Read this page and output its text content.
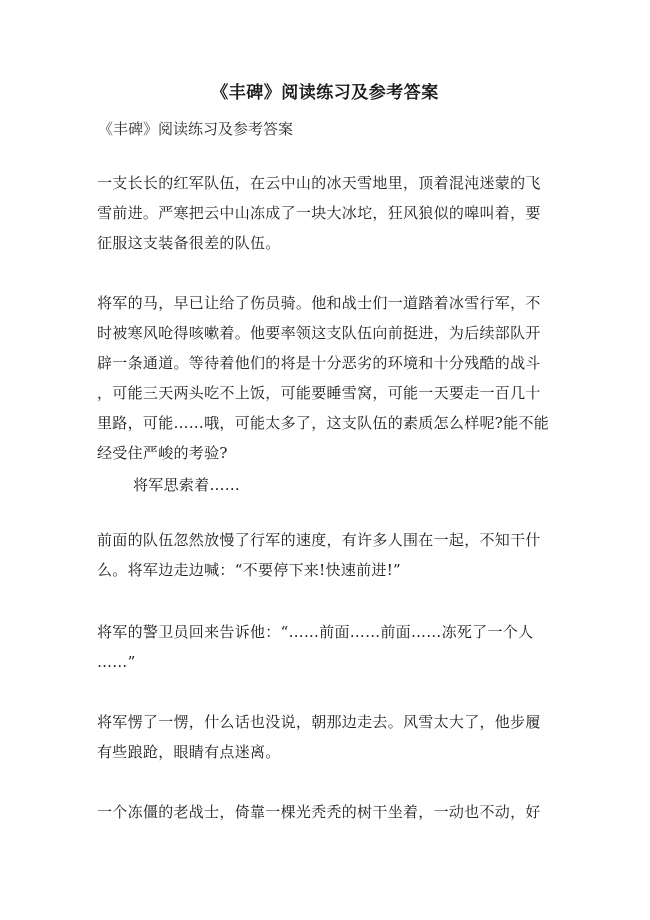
《丰碑》阅读练习及参考答案

《丰碑》阅读练习及参考答案

一支长长的红军队伍，在云中山的冰天雪地里，顶着混沌迷蒙的飞
雪前进。严寒把云中山冻成了一块大冰坨，狂风狼似的嗥叫着，要
征服这支装备很差的队伍。

将军的马，早已让给了伤员骑。他和战士们一道踏着冰雪行军，不
时被寒风呛得咳嗽着。他要率领这支队伍向前挺进，为后续部队开
辟一条通道。等待着他们的将是十分恶劣的环境和十分残酷的战斗
，可能三天两头吃不上饭，可能要睡雪窝，可能一天要走一百几十
里路，可能……哦，可能太多了，这支队伍的素质怎么样呢?能不能
经受住严峻的考验?

将军思索着……

前面的队伍忽然放慢了行军的速度，有许多人围在一起，不知干什
么。将军边走边喊：“不要停下来!快速前进!”

将军的警卫员回来告诉他：“……前面……前面……冻死了一个人
……”

将军愣了一愣，什么话也没说，朝那边走去。风雪太大了，他步履
有些踉跄，眼睛有点迷离。

一个冻僵的老战士，倚靠一棵光秃秃的树干坐着，一动也不动，好
